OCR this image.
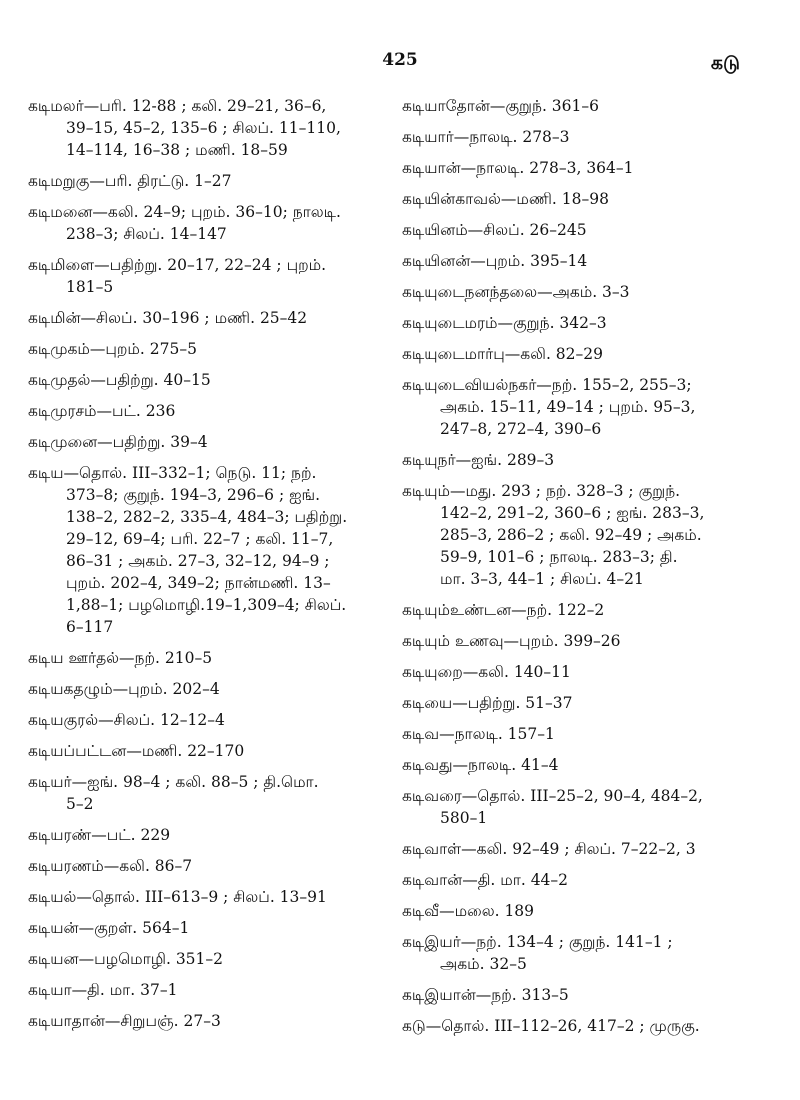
425	கடு

கடிமலர்—பரி. 12-88 ; கலி. 29–21, 36–6,
39–15, 45–2, 135–6 ; சிலப். 11–110,
14–114, 16–38 ; மணி. 18–59

கடிமறுகு—பரி. திரட்டு. 1–27

கடிமனை—கலி. 24–9; புறம். 36–10; நாலடி.
238–3; சிலப். 14–147

கடிமிளை—பதிற்று. 20–17, 22–24 ; புறம்.
181–5

கடிமின்—சிலப். 30–196 ; மணி. 25–42

கடிமுகம்—புறம். 275–5

கடிமுதல்—பதிற்று. 40–15

கடிமுரசம்—பட். 236

கடிமுனை—பதிற்று. 39–4

கடிய—தொல். III–332–1; நெடு. 11; நற்.
373–8; குறுந். 194–3, 296–6 ; ஐங்.
138–2, 282–2, 335–4, 484–3; பதிற்று.
29–12, 69–4; பரி. 22–7 ; கலி. 11–7,
86–31 ; அகம். 27–3, 32–12, 94–9 ;
புறம். 202–4, 349–2; நான்மணி. 13–
1,88–1; பழமொழி.19–1,309–4; சிலப்.
6–117

கடிய ஊர்தல்—நற். 210–5

கடியகதழும்—புறம். 202–4

கடியகுரல்—சிலப். 12–12–4

கடியப்பட்டன—மணி. 22–170

கடியர்—ஐங். 98–4 ; கலி. 88–5 ; தி.மொ.
5–2

கடியரண்—பட். 229

கடியரணம்—கலி. 86–7

கடியல்—தொல். III–613–9 ; சிலப். 13–91

கடியன்—குறள். 564–1

கடியன—பழமொழி. 351–2

கடியா—தி. மா. 37–1

கடியாதான்—சிறுபஞ். 27–3

கடியாதோன்—குறுந். 361–6

கடியார்—நாலடி. 278–3

கடியான்—நாலடி. 278–3, 364–1

கடியின்காவல்—மணி. 18–98

கடியினம்—சிலப். 26–245

கடியினன்—புறம். 395–14

கடியுடைநனந்தலை—அகம். 3–3

கடியுடைமரம்—குறுந். 342–3

கடியுடைமார்பு—கலி. 82–29

கடியுடைவியல்நகர்—நற். 155–2, 255–3;
அகம். 15–11, 49–14 ; புறம். 95–3,
247–8, 272–4, 390–6

கடியுநர்—ஐங். 289–3

கடியும்—மது. 293 ; நற். 328–3 ; குறுந்.
142–2, 291–2, 360–6 ; ஐங். 283–3,
285–3, 286–2 ; கலி. 92–49 ; அகம்.
59–9, 101–6 ; நாலடி. 283–3; தி.
மா. 3–3, 44–1 ; சிலப். 4–21

கடியும்உண்டன—நற். 122–2

கடியும் உணவு—புறம். 399–26

கடியுறை—கலி. 140–11

கடியை—பதிற்று. 51–37

கடிவ—நாலடி. 157–1

கடிவது—நாலடி. 41–4

கடிவரை—தொல். III–25–2, 90–4, 484–2,
580–1

கடிவாள்—கலி. 92–49 ; சிலப். 7–22–2, 3

கடிவான்—தி. மா. 44–2

கடிவீ—மலை. 189

கடிஇயர்—நற். 134–4 ; குறுந். 141–1 ;
அகம். 32–5

கடிஇயான்—நற். 313–5

கடு—தொல். III–112–26, 417–2 ; முருகு.
